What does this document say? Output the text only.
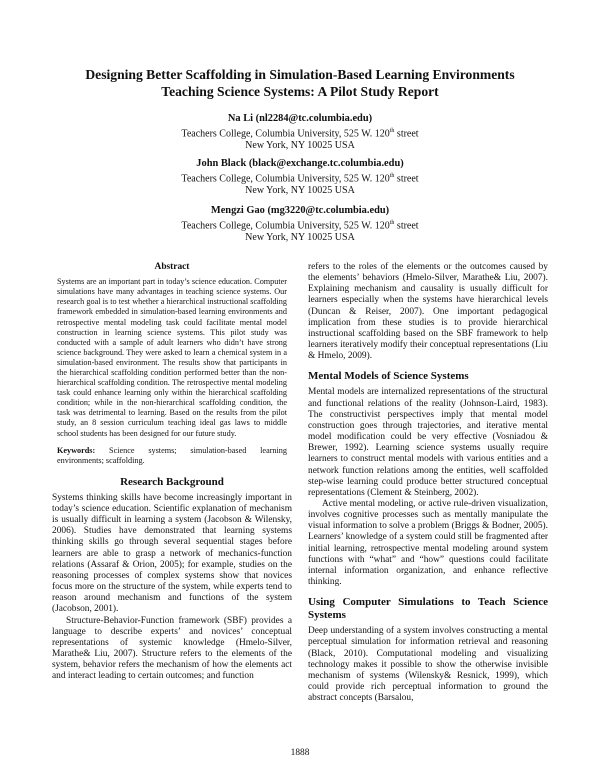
Designing Better Scaffolding in Simulation-Based Learning Environments
Teaching Science Systems: A Pilot Study Report
Na Li (nl2284@tc.columbia.edu)
Teachers College, Columbia University, 525 W. 120th street
New York, NY 10025 USA
John Black (black@exchange.tc.columbia.edu)
Teachers College, Columbia University, 525 W. 120th street
New York, NY 10025 USA
Mengzi Gao (mg3220@tc.columbia.edu)
Teachers College, Columbia University, 525 W. 120th street
New York, NY 10025 USA
Abstract

Systems are an important part in today’s science education. Computer simulations have many advantages in teaching science systems. Our research goal is to test whether a hierarchical instructional scaffolding framework embedded in simulation-based learning environments and retrospective mental modeling task could facilitate mental model construction in learning science systems. This pilot study was conducted with a sample of adult learners who didn’t have strong science background. They were asked to learn a chemical system in a simulation-based environment. The results show that participants in the hierarchical scaffolding condition performed better than the non-hierarchical scaffolding condition. The retrospective mental modeling task could enhance learning only within the hierarchical scaffolding condition; while in the non-hierarchical scaffolding condition, the task was detrimental to learning. Based on the results from the pilot study, an 8 session curriculum teaching ideal gas laws to middle school students has been designed for our future study.

Keywords: Science systems; simulation-based learning environments; scaffolding.

Research Background

Systems thinking skills have become increasingly important in today’s science education. Scientific explanation of mechanism is usually difficult in learning a system (Jacobson & Wilensky, 2006). Studies have demonstrated that learning systems thinking skills go through several sequential stages before learners are able to grasp a network of mechanics-function relations (Assaraf & Orion, 2005); for example, studies on the reasoning processes of complex systems show that novices focus more on the structure of the system, while experts tend to reason around mechanism and functions of the system (Jacobson, 2001).

Structure-Behavior-Function framework (SBF) provides a language to describe experts’ and novices’ conceptual representations of systemic knowledge (Hmelo-Silver, Marathe& Liu, 2007). Structure refers to the elements of the system, behavior refers the mechanism of how the elements act and interact leading to certain outcomes; and function

refers to the roles of the elements or the outcomes caused by the elements’ behaviors (Hmelo-Silver, Marathe& Liu, 2007). Explaining mechanism and causality is usually difficult for learners especially when the systems have hierarchical levels (Duncan & Reiser, 2007). One important pedagogical implication from these studies is to provide hierarchical instructional scaffolding based on the SBF framework to help learners iteratively modify their conceptual representations (Liu & Hmelo, 2009).

Mental Models of Science Systems

Mental models are internalized representations of the structural and functional relations of the reality (Johnson-Laird, 1983). The constructivist perspectives imply that mental model construction goes through trajectories, and iterative mental model modification could be very effective (Vosniadou & Brewer, 1992). Learning science systems usually require learners to construct mental models with various entities and a network function relations among the entities, well scaffolded step-wise learning could produce better structured conceptual representations (Clement & Steinberg, 2002).

Active mental modeling, or active rule-driven visualization, involves cognitive processes such as mentally manipulate the visual information to solve a problem (Briggs & Bodner, 2005). Learners’ knowledge of a system could still be fragmented after initial learning, retrospective mental modeling around system functions with “what” and “how” questions could facilitate internal information organization, and enhance reflective thinking.

Using Computer Simulations to Teach Science Systems

Deep understanding of a system involves constructing a mental perceptual simulation for information retrieval and reasoning (Black, 2010). Computational modeling and visualizing technology makes it possible to show the otherwise invisible mechanism of systems (Wilensky& Resnick, 1999), which could provide rich perceptual information to ground the abstract concepts (Barsalou,

1888
